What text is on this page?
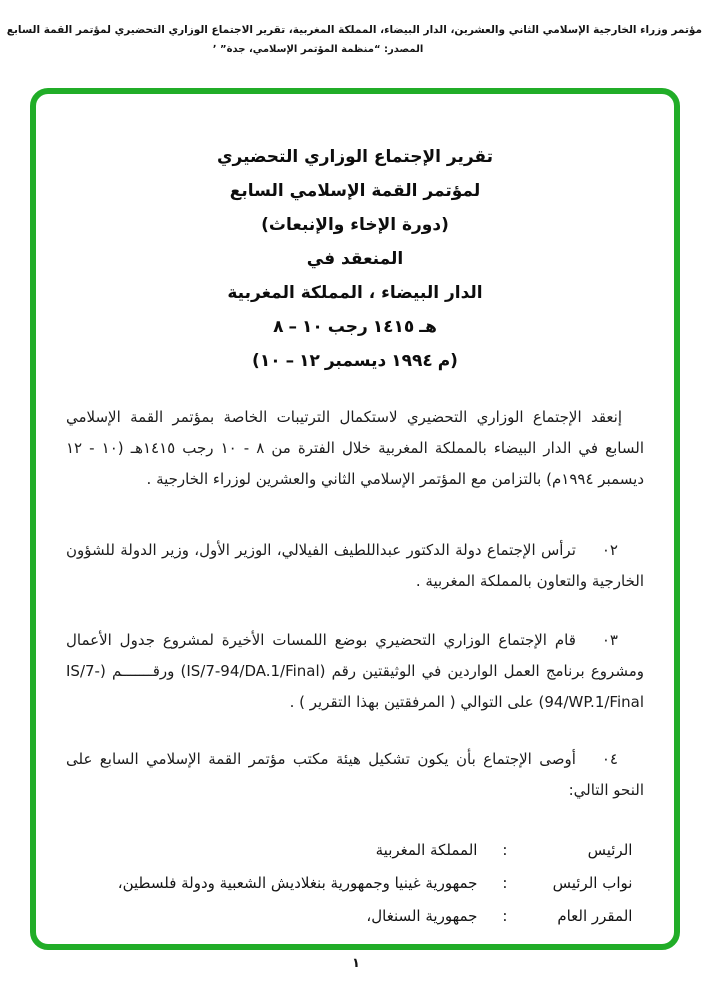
مؤتمر وزراء الخارجية الإسلامي الثاني والعشرين، الدار البيضاء، المملكة المغربية، تقرير الاجتماع الوزاري التحضيري لمؤتمر القمة السابع
المصدر: “منظمة المؤتمر الإسلامي، جدة” ٬
تقرير الإجتماع الوزاري التحضيري
لمؤتمر القمة الإسلامي السابع
(دورة الإخاء والإنبعاث)
المنعقد في
الدار البيضاء ، المملكة المغربية
٨ – ١٠ رجب ١٤١٥ هـ
(١٠ – ١٢ ديسمبر ١٩٩٤ م)

إنعقد الإجتماع الوزاري التحضيري لاستكمال الترتيبات الخاصة بمؤتمر القمة الإسلامي السابع في الدار البيضاء بالمملكة المغربية خلال الفترة من ٨ - ١٠ رجب ١٤١٥هـ (١٠ - ١٢ ديسمبر ١٩٩٤م) بالتزامن مع المؤتمر الإسلامي الثاني والعشرين لوزراء الخارجية .

٠٢ترأس الإجتماع دولة الدكتور عبداللطيف الفيلالي، الوزير الأول، وزير الدولة للشؤون الخارجية والتعاون بالمملكة المغربية .

٠٣قام الإجتماع الوزاري التحضيري بوضع اللمسات الأخيرة لمشروع جدول الأعمال ومشروع برنامج العمل الواردين في الوثيقتين رقم (IS/7-94/DA.1/Final) ورقـــــــم (IS/7-94/WP.1/Final) على التوالي ( المرفقتين بهذا التقرير ) .

٠٤أوصى الإجتماع بأن يكون تشكيل هيئة مكتب مؤتمر القمة الإسلامي السابع على النحو التالي:

الرئيس	:	المملكة المغربية
نواب الرئيس	:	جمهورية غينيا وجمهورية بنغلاديش الشعبية ودولة فلسطين،
المقرر العام	:	جمهورية السنغال،
١
